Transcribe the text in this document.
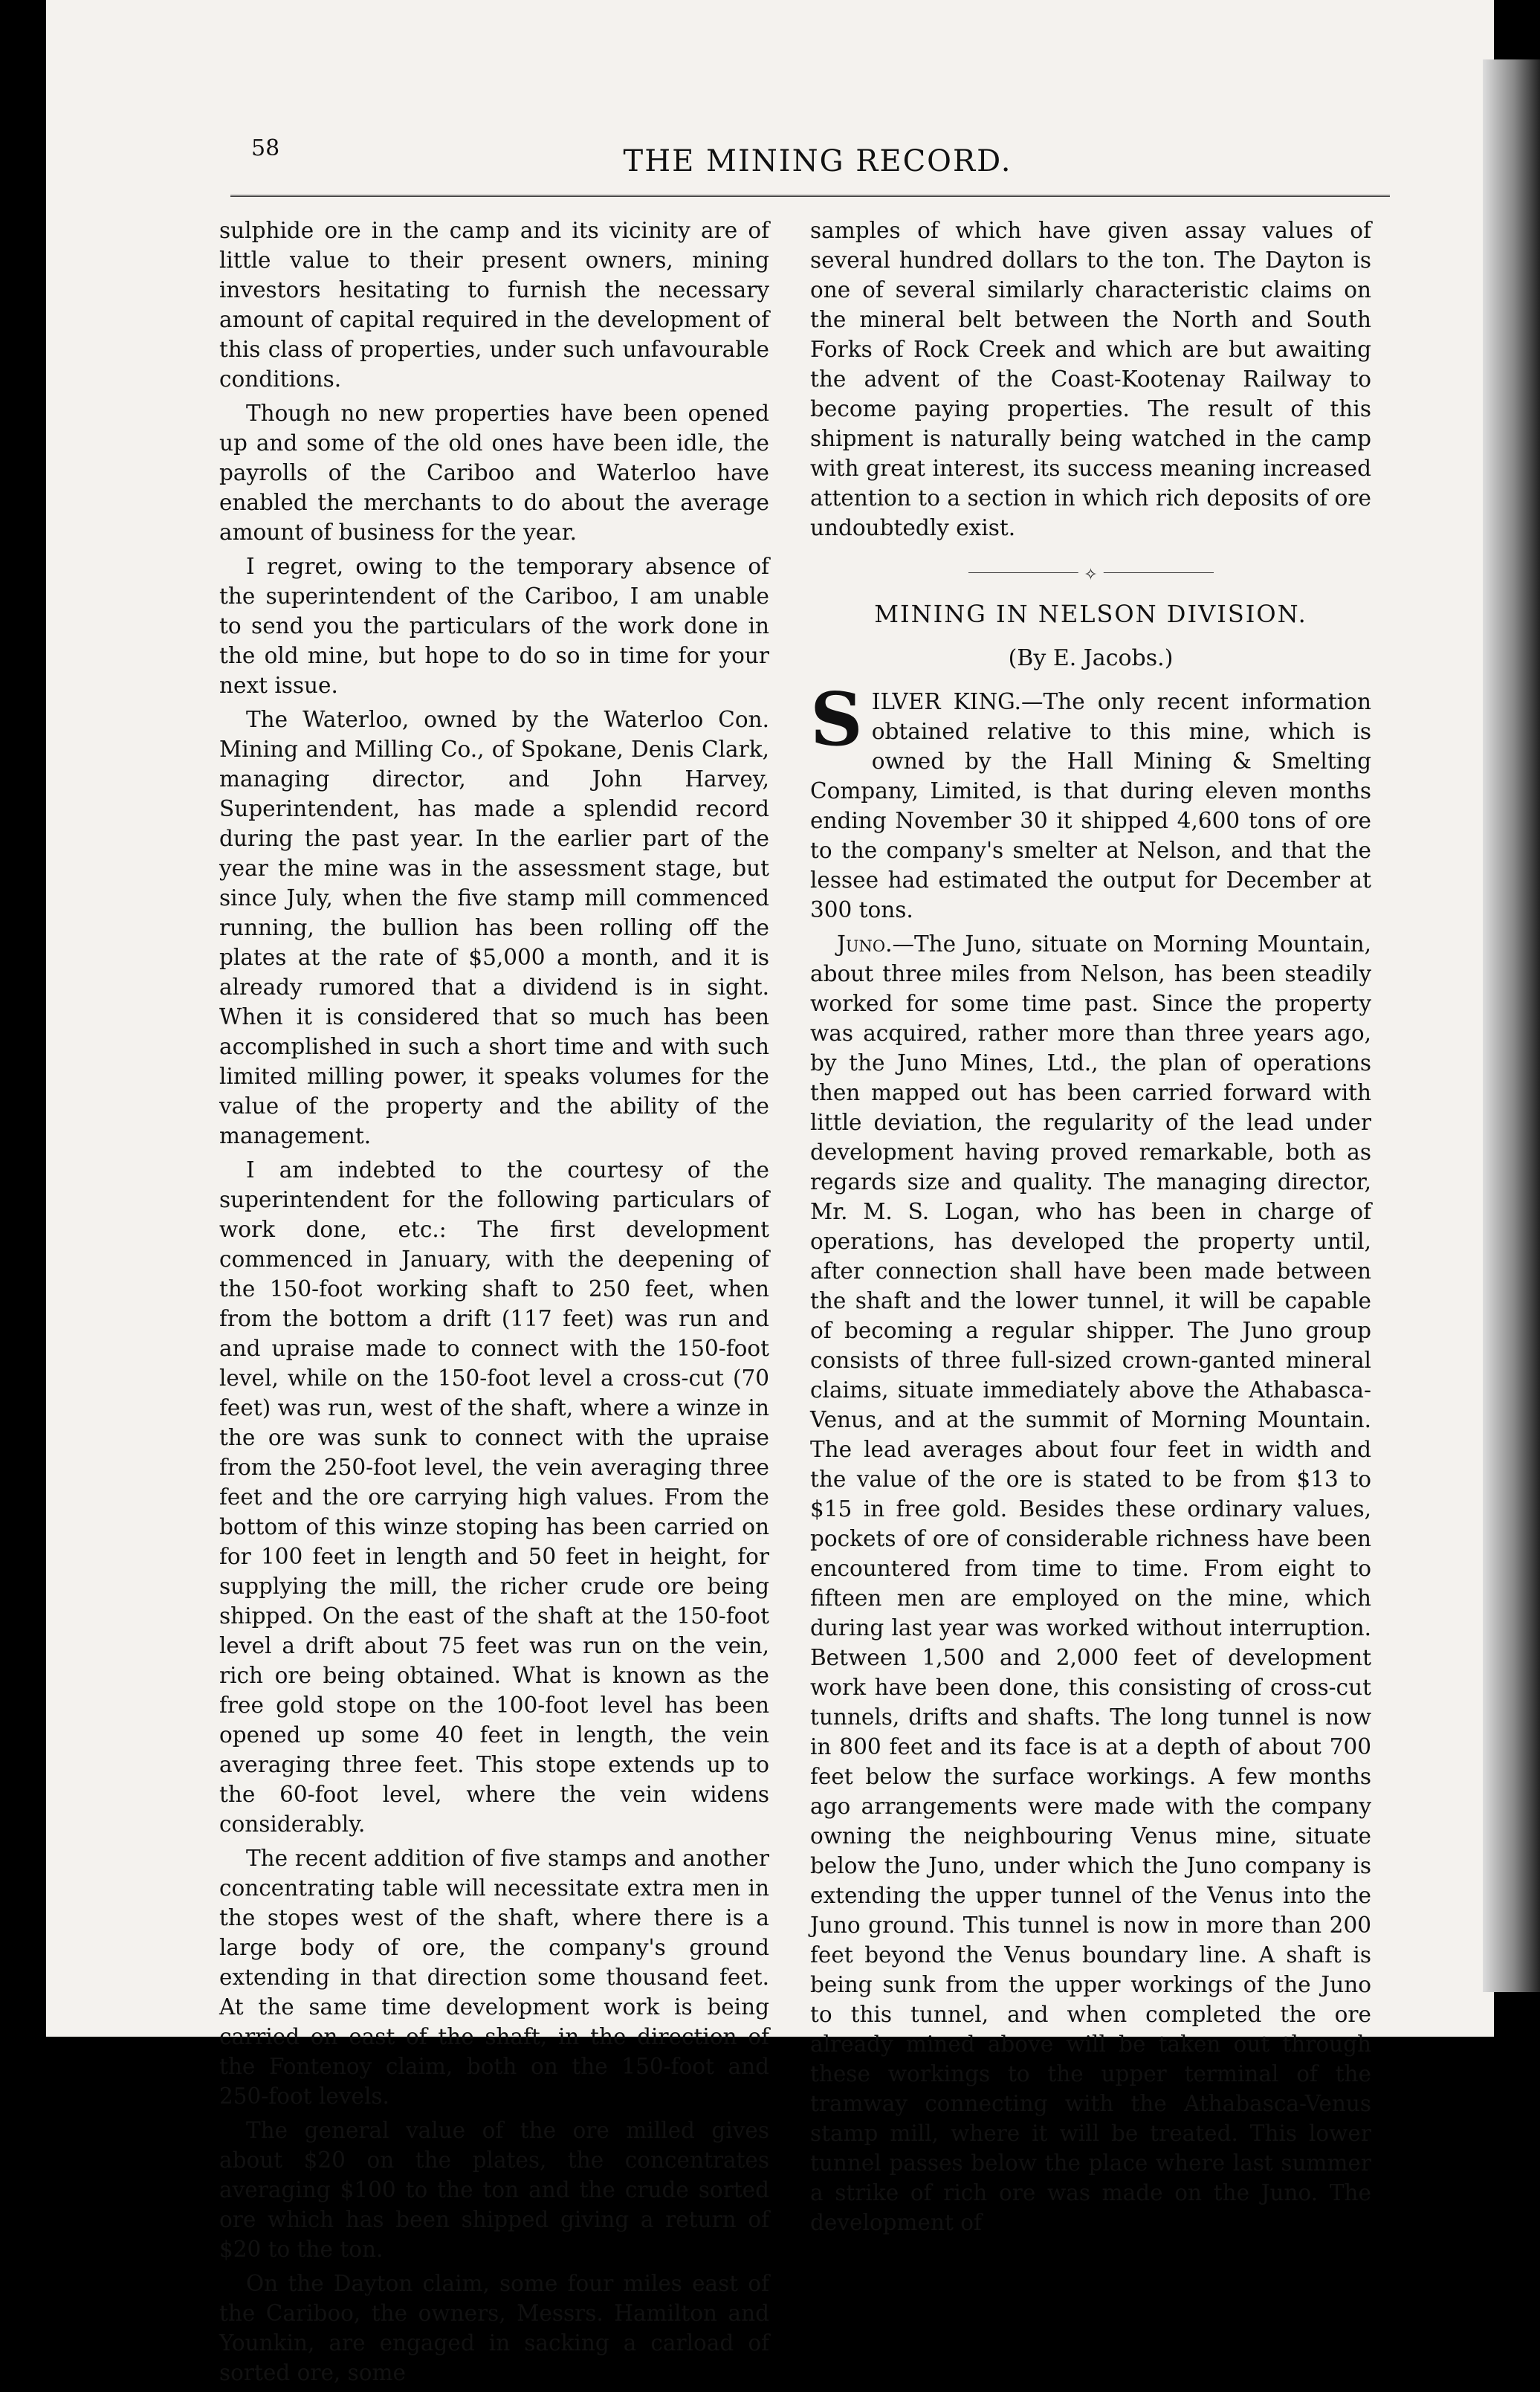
58	THE MINING RECORD.

sulphide ore in the camp and its vicinity are of little value to their present owners, mining investors hesitating to furnish the necessary amount of capital required in the development of this class of properties, under such unfavourable conditions.

Though no new properties have been opened up and some of the old ones have been idle, the payrolls of the Cariboo and Waterloo have enabled the merchants to do about the average amount of business for the year.

I regret, owing to the temporary absence of the superintendent of the Cariboo, I am unable to send you the particulars of the work done in the old mine, but hope to do so in time for your next issue.

The Waterloo, owned by the Waterloo Con. Mining and Milling Co., of Spokane, Denis Clark, managing director, and John Harvey, Superintendent, has made a splendid record during the past year. In the earlier part of the year the mine was in the assessment stage, but since July, when the five stamp mill commenced running, the bullion has been rolling off the plates at the rate of $5,000 a month, and it is already rumored that a dividend is in sight. When it is considered that so much has been accomplished in such a short time and with such limited milling power, it speaks volumes for the value of the property and the ability of the management.

I am indebted to the courtesy of the superintendent for the following particulars of work done, etc.: The first development commenced in January, with the deepening of the 150-foot working shaft to 250 feet, when from the bottom a drift (117 feet) was run and and upraise made to connect with the 150-foot level, while on the 150-foot level a cross-cut (70 feet) was run, west of the shaft, where a winze in the ore was sunk to connect with the upraise from the 250-foot level, the vein averaging three feet and the ore carrying high values. From the bottom of this winze stoping has been carried on for 100 feet in length and 50 feet in height, for supplying the mill, the richer crude ore being shipped. On the east of the shaft at the 150-foot level a drift about 75 feet was run on the vein, rich ore being obtained. What is known as the free gold stope on the 100-foot level has been opened up some 40 feet in length, the vein averaging three feet. This stope extends up to the 60-foot level, where the vein widens considerably.

The recent addition of five stamps and another concentrating table will necessitate extra men in the stopes west of the shaft, where there is a large body of ore, the company's ground extending in that direction some thousand feet. At the same time development work is being carried on east of the shaft, in the direction of the Fontenoy claim, both on the 150-foot and 250-foot levels.

The general value of the ore milled gives about $20 on the plates, the concentrates averaging $100 to the ton and the crude sorted ore which has been shipped giving a return of $20 to the ton.

On the Dayton claim, some four miles east of the Cariboo, the owners, Messrs. Hamilton and Younkin, are engaged in sacking a carload of sorted ore, some

samples of which have given assay values of several hundred dollars to the ton. The Dayton is one of several similarly characteristic claims on the mineral belt between the North and South Forks of Rock Creek and which are but awaiting the advent of the Coast-Kootenay Railway to become paying properties. The result of this shipment is naturally being watched in the camp with great interest, its success meaning increased attention to a section in which rich deposits of ore undoubtedly exist.

✧
MINING IN NELSON DIVISION.
(By E. Jacobs.)

SILVER KING.—The only recent information obtained relative to this mine, which is owned by the Hall Mining & Smelting Company, Limited, is that during eleven months ending November 30 it shipped 4,600 tons of ore to the company's smelter at Nelson, and that the lessee had estimated the output for December at 300 tons.

Juno.—The Juno, situate on Morning Mountain, about three miles from Nelson, has been steadily worked for some time past. Since the property was acquired, rather more than three years ago, by the Juno Mines, Ltd., the plan of operations then mapped out has been carried forward with little deviation, the regularity of the lead under development having proved remarkable, both as regards size and quality. The managing director, Mr. M. S. Logan, who has been in charge of operations, has developed the property until, after connection shall have been made between the shaft and the lower tunnel, it will be capable of becoming a regular shipper. The Juno group consists of three full-sized crown-ganted mineral claims, situate immediately above the Athabasca-Venus, and at the summit of Morning Mountain. The lead averages about four feet in width and the value of the ore is stated to be from $13 to $15 in free gold. Besides these ordinary values, pockets of ore of considerable richness have been encountered from time to time. From eight to fifteen men are employed on the mine, which during last year was worked without interruption. Between 1,500 and 2,000 feet of development work have been done, this consisting of cross-cut tunnels, drifts and shafts. The long tunnel is now in 800 feet and its face is at a depth of about 700 feet below the surface workings. A few months ago arrangements were made with the company owning the neighbouring Venus mine, situate below the Juno, under which the Juno company is extending the upper tunnel of the Venus into the Juno ground. This tunnel is now in more than 200 feet beyond the Venus boundary line. A shaft is being sunk from the upper workings of the Juno to this tunnel, and when completed the ore already mined above will be taken out through these workings to the upper terminal of the tramway connecting with the Athabasca-Venus stamp mill, where it will be treated. This lower tunnel passes below the place where last summer a strike of rich ore was made on the Juno. The development of
